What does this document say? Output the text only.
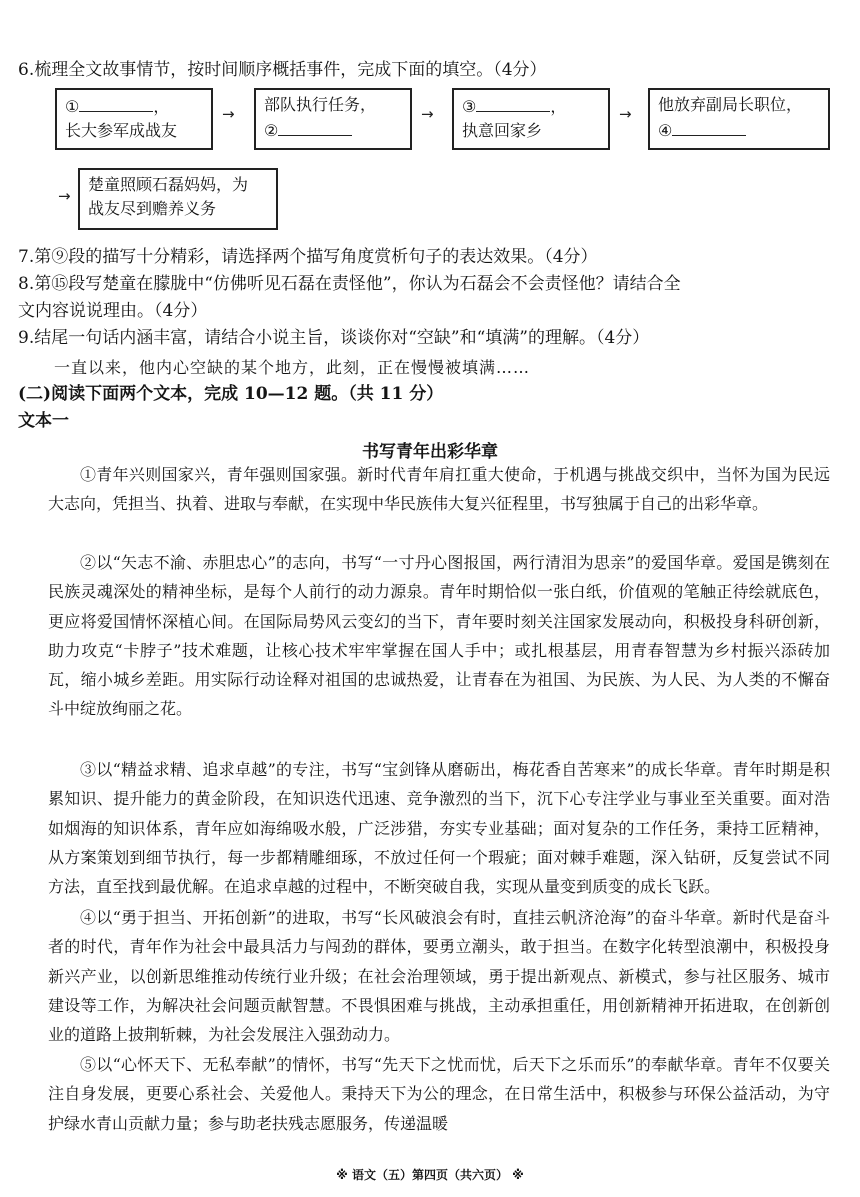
6.梳理全文故事情节，按时间顺序概括事件，完成下面的填空。（4分）
①	，
长大参军成战友
→ 部队执行任务，
②
→ ③	，
执意回家乡
→ 他放弃副局长职位，
④
→
楚童照顾石磊妈妈，为
战友尽到赡养义务
7.第⑨段的描写十分精彩，请选择两个描写角度赏析句子的表达效果。（4分）
8.第⑮段写楚童在朦胧中“仿佛听见石磊在责怪他”，你认为石磊会不会责怪他？请结合全
文内容说说理由。（4分）
9.结尾一句话内涵丰富，请结合小说主旨，谈谈你对“空缺”和“填满”的理解。（4分）
一直以来，他内心空缺的某个地方，此刻，正在慢慢被填满……
(二)阅读下面两个文本，完成 10—12 题。（共 11 分）
文本一
书写青年出彩华章
①青年兴则国家兴，青年强则国家强。新时代青年肩扛重大使命，于机遇与挑战交织中，当怀为国为民远大志向，凭担当、执着、进取与奉献，在实现中华民族伟大复兴征程里，书写独属于自己的出彩华章。
②以“矢志不渝、赤胆忠心”的志向，书写“一寸丹心图报国，两行清泪为思亲”的爱国华章。爱国是镌刻在民族灵魂深处的精神坐标，是每个人前行的动力源泉。青年时期恰似一张白纸，价值观的笔触正待绘就底色，更应将爱国情怀深植心间。在国际局势风云变幻的当下，青年要时刻关注国家发展动向，积极投身科研创新，助力攻克“卡脖子”技术难题，让核心技术牢牢掌握在国人手中；或扎根基层，用青春智慧为乡村振兴添砖加瓦，缩小城乡差距。用实际行动诠释对祖国的忠诚热爱，让青春在为祖国、为民族、为人民、为人类的不懈奋斗中绽放绚丽之花。
③以“精益求精、追求卓越”的专注，书写“宝剑锋从磨砺出，梅花香自苦寒来”的成长华章。青年时期是积累知识、提升能力的黄金阶段，在知识迭代迅速、竞争激烈的当下，沉下心专注学业与事业至关重要。面对浩如烟海的知识体系，青年应如海绵吸水般，广泛涉猎，夯实专业基础；面对复杂的工作任务，秉持工匠精神，从方案策划到细节执行，每一步都精雕细琢，不放过任何一个瑕疵；面对棘手难题，深入钻研，反复尝试不同方法，直至找到最优解。在追求卓越的过程中，不断突破自我，实现从量变到质变的成长飞跃。
④以“勇于担当、开拓创新”的进取，书写“长风破浪会有时，直挂云帆济沧海”的奋斗华章。新时代是奋斗者的时代，青年作为社会中最具活力与闯劲的群体，要勇立潮头，敢于担当。在数字化转型浪潮中，积极投身新兴产业，以创新思维推动传统行业升级；在社会治理领域，勇于提出新观点、新模式，参与社区服务、城市建设等工作，为解决社会问题贡献智慧。不畏惧困难与挑战，主动承担重任，用创新精神开拓进取，在创新创业的道路上披荆斩棘，为社会发展注入强劲动力。
⑤以“心怀天下、无私奉献”的情怀，书写“先天下之忧而忧，后天下之乐而乐”的奉献华章。青年不仅要关注自身发展，更要心系社会、关爱他人。秉持天下为公的理念，在日常生活中，积极参与环保公益活动，为守护绿水青山贡献力量；参与助老扶残志愿服务，传递温暖
※ 语文（五）第四页（共六页） ※
